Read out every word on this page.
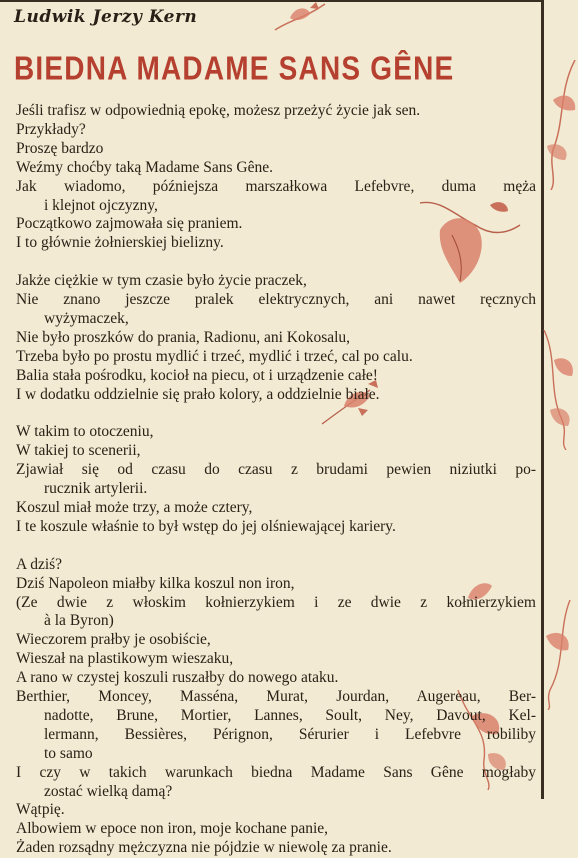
Ludwik Jerzy Kern
BIEDNA MADAME SANS GÊNE
Jeśli trafisz w odpowiednią epokę, możesz przeżyć życie jak sen.
Przykłady?
Proszę bardzo
Weźmy choćby taką Madame Sans Gêne.
Jak wiadomo, późniejsza marszałkowa Lefebvre, duma męża
i klejnot ojczyzny,
Początkowo zajmowała się praniem.
I to głównie żołnierskiej bielizny.
Jakże ciężkie w tym czasie było życie praczek,
Nie znano jeszcze pralek elektrycznych, ani nawet ręcznych
wyżymaczek,
Nie było proszków do prania, Radionu, ani Kokosalu,
Trzeba było po prostu mydlić i trzeć, mydlić i trzeć, cal po calu.
Balia stała pośrodku, kocioł na piecu, ot i urządzenie całe!
I w dodatku oddzielnie się prało kolory, a oddzielnie białe.
W takim to otoczeniu,
W takiej to scenerii,
Zjawiał się od czasu do czasu z brudami pewien niziutki po-
rucznik artylerii.
Koszul miał może trzy, a może cztery,
I te koszule właśnie to był wstęp do jej olśniewającej kariery.
A dziś?
Dziś Napoleon miałby kilka koszul non iron,
(Ze dwie z włoskim kołnierzykiem i ze dwie z kołnierzykiem
à la Byron)
Wieczorem prałby je osobiście,
Wieszał na plastikowym wieszaku,
A rano w czystej koszuli ruszałby do nowego ataku.
Berthier, Moncey, Masséna, Murat, Jourdan, Augereau, Ber-
nadotte, Brune, Mortier, Lannes, Soult, Ney, Davout, Kel-
lermann, Bessières, Pérignon, Sérurier i Lefebvre robiliby
to samo
I czy w takich warunkach biedna Madame Sans Gêne mogłaby
zostać wielką damą?
Wątpię.
Albowiem w epoce non iron, moje kochane panie,
Żaden rozsądny mężczyzna nie pójdzie w niewolę za pranie.
